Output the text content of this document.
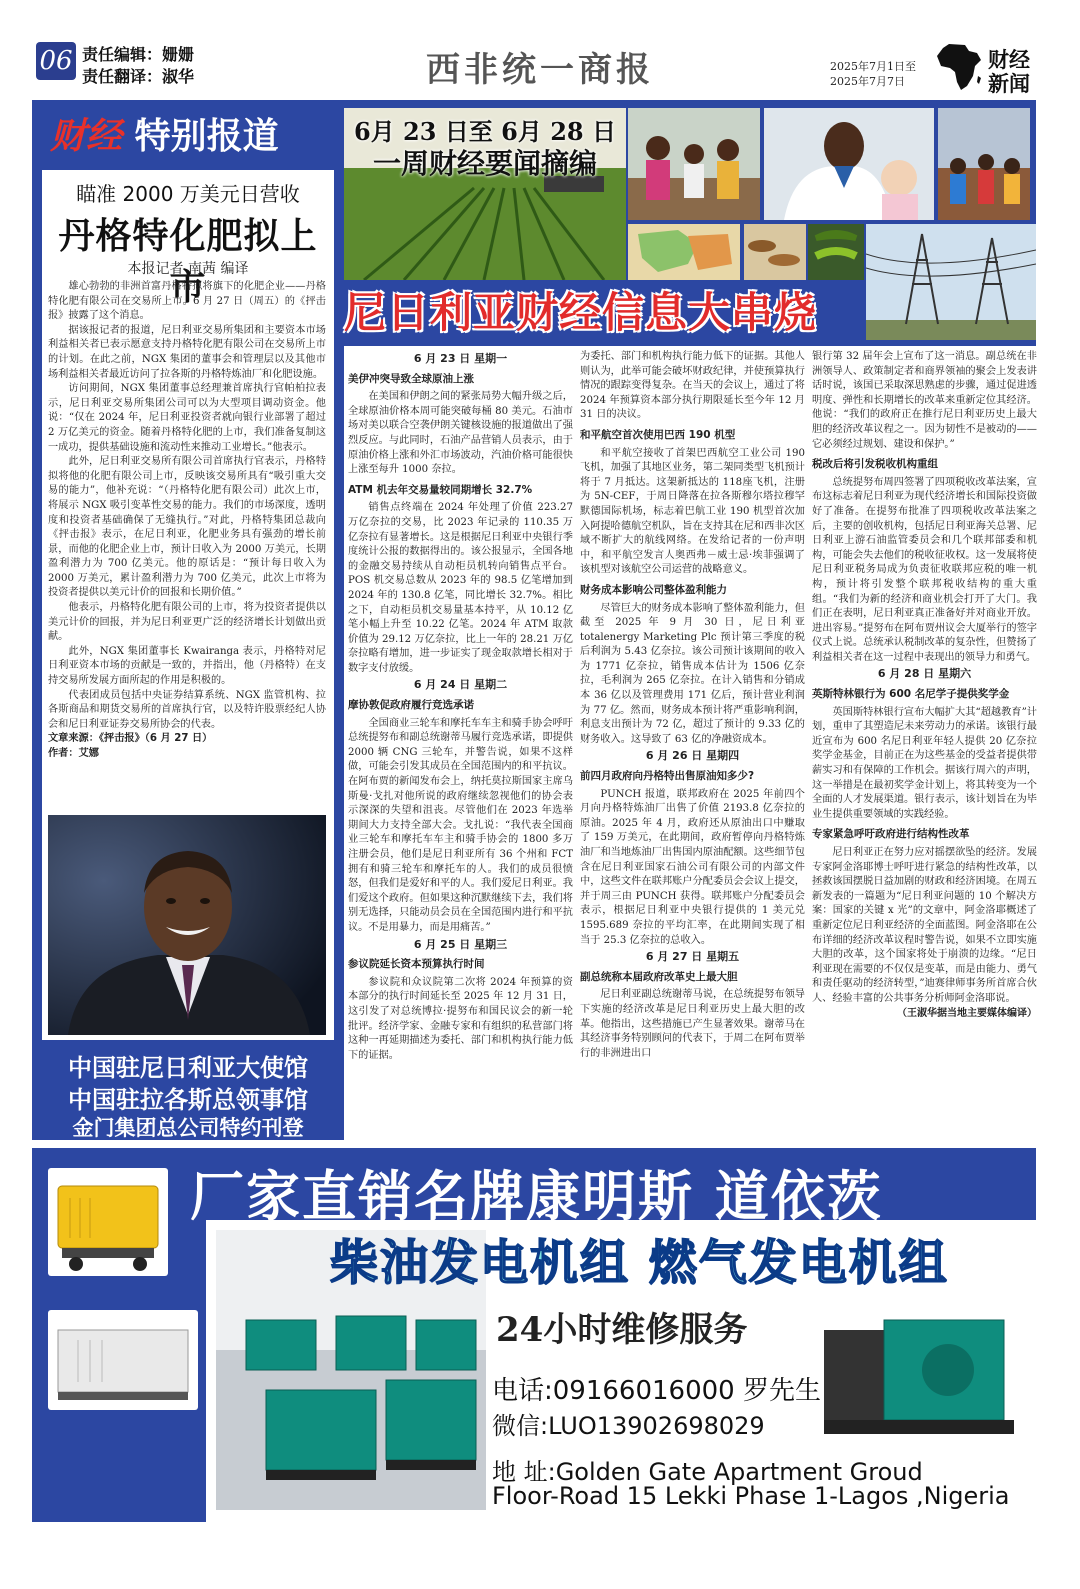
06 责任编辑：姗姗
责任翻译：淑华	西非统一商报	2025年7月1日至
2025年7月7日
财经
新闻
财经 特别报道
瞄准 2000 万美元日营收
丹格特化肥拟上市
本报记者 南茜 编译

雄心勃勃的非洲首富丹格特拟将旗下的化肥企业——丹格特化肥有限公司在交易所上市。6 月 27 日（周五）的《抨击报》披露了这个消息。

据该报记者的报道，尼日利亚交易所集团和主要资本市场利益相关者已表示愿意支持丹格特化肥有限公司在交易所上市的计划。在此之前，NGX 集团的董事会和管理层以及其他市场利益相关者最近访问了拉各斯的丹格特炼油厂和化肥设施。

访问期间，NGX 集团董事总经理兼首席执行官帕柏拉表示，尼日利亚交易所集团公司可以为大型项目调动资金。他说：“仅在 2024 年，尼日利亚投资者就向银行业部署了超过 2 万亿美元的资金。随着丹格特化肥的上市，我们准备复制这一成功，提供基础设施和流动性来推动工业增长。”他表示。

此外，尼日利亚交易所有限公司首席执行官表示，丹格特拟将他的化肥有限公司上市，反映该交易所具有“吸引重大交易的能力”，他补充说：“（丹格特化肥有限公司）此次上市，将展示 NGX 吸引变革性交易的能力。我们的市场深度，透明度和投资者基础确保了无缝执行。”对此，丹格特集团总裁向《抨击报》表示，在尼日利亚，化肥业务具有强劲的增长前景，而他的化肥企业上市，预计日收入为 2000 万美元，长期盈利潜力为 700 亿美元。他的原话是：“预计每日收入为 2000 万美元，累计盈利潜力为 700 亿美元，此次上市将为投资者提供以美元计价的回报和长期价值。”

他表示，丹格特化肥有限公司的上市，将为投资者提供以美元计价的回报，并为尼日利亚更广泛的经济增长计划做出贡献。

此外，NGX 集团董事长 Kwairanga 表示，丹格特对尼日利亚资本市场的贡献是一致的，并指出，他（丹格特）在支持交易所发展方面所起的作用是积极的。

代表团成员包括中央证券结算系统、NGX 监管机构、拉各斯商品和期货交易所的首席执行官，以及特许股票经纪人协会和尼日利亚证券交易所协会的代表。

文章来源：《抨击报》（6 月 27 日）
作者：艾娜
中国驻尼日利亚大使馆
中国驻拉各斯总领事馆
金门集团总公司特约刊登
6月 23 日至 6月 28 日
一周财经要闻摘编
尼日利亚财经信息大串烧
6 月 23 日 星期一
美伊冲突导致全球原油上涨

在美国和伊朗之间的紧张局势大幅升级之后，全球原油价格本周可能突破每桶 80 美元。石油市场对美以联合空袭伊朗关键核设施的报道做出了强烈反应。与此同时，石油产品营销人员表示，由于原油价格上涨和外汇市场波动，汽油价格可能很快上涨至每升 1000 奈拉。

ATM 机去年交易量较同期增长 32.7%

销售点终端在 2024 年处理了价值 223.27 万亿奈拉的交易，比 2023 年记录的 110.35 万亿奈拉有显著增长。这是根据尼日利亚中央银行季度统计公报的数据得出的。该公报显示，全国各地的金融交易持续从自动柜员机转向销售点平台。POS 机交易总数从 2023 年的 98.5 亿笔增加到 2024 年的 130.8 亿笔，同比增长 32.7%。相比之下，自动柜员机交易量基本持平，从 10.12 亿笔小幅上升至 10.22 亿笔。2024 年 ATM 取款价值为 29.12 万亿奈拉，比上一年的 28.21 万亿奈拉略有增加，进一步证实了现金取款增长相对于数字支付放缓。

6 月 24 日 星期二
摩协敦促政府履行竞选承诺

全国商业三轮车和摩托车车主和骑手协会呼吁总统提努布和副总统谢蒂马履行竞选承诺，即提供 2000 辆 CNG 三轮车，并警告说，如果不这样做，可能会引发其成员在全国范围内的和平抗议。在阿布贾的新闻发布会上，纳托莫拉斯国家主席乌斯曼·戈扎对他所说的政府继续忽视他们的协会表示深深的失望和沮丧。尽管他们在 2023 年选举期间大力支持全部大会。戈扎说：“我代表全国商业三轮车和摩托车车主和骑手协会的 1800 多万注册会员，他们是尼日利亚所有 36 个州和 FCT 拥有和骑三轮车和摩托车的人。我们的成员很愤怒，但我们是爱好和平的人。我们爱尼日利亚。我们爱这个政府。但如果这种沉默继续下去，我们将别无选择，只能动员会员在全国范围内进行和平抗议。不是用暴力，而是用痛苦。”

6 月 25 日 星期三
参议院延长资本预算执行时间

参议院和众议院第二次将 2024 年预算的资本部分的执行时间延长至 2025 年 12 月 31 日，这引发了对总统博拉·提努布和国民议会的新一轮批评。经济学家、金融专家和有组织的私营部门将这种一再延期描述为委托、部门和机构执行能力低下的证据。

为委托、部门和机构执行能力低下的证据。其他人则认为，此举可能会破坏财政纪律，并使预算执行情况的跟踪变得复杂。在当天的会议上，通过了将 2024 年预算资本部分执行期限延长至今年 12 月 31 日的决议。

和平航空首次使用巴西 190 机型

和平航空接收了首架巴西航空工业公司 190 飞机，加强了其地区业务，第二架同类型飞机预计将于 7 月抵达。这架新抵达的 118座飞机，注册为 5N-CEF，于周日降落在拉各斯穆尔塔拉穆罕默德国际机场，标志着巴航工业 190 机型首次加入阿提哈德航空机队，旨在支持其在尼和西非次区域不断扩大的航线网络。在发给记者的一份声明中，和平航空发言人奥西弗－威士忌·埃菲强调了该机型对该航空公司运营的战略意义。

财务成本影响公司整体盈利能力

尽管巨大的财务成本影响了整体盈利能力，但截至 2025 年 9 月 30 日，尼日利亚 totalenergy Marketing Plc 预计第三季度的税后利润为 5.43 亿奈拉。该公司预计该期间的收入为 1771 亿奈拉，销售成本估计为 1506 亿奈拉，毛利润为 265 亿奈拉。在计入销售和分销成本 36 亿以及管理费用 171 亿后，预计营业利润为 77 亿。然而，财务成本预计将严重影响利润，利息支出预计为 72 亿，超过了预计的 9.33 亿的财务收入。这导致了 63 亿的净融资成本。

6 月 26 日 星期四
前四月政府向丹格特出售原油知多少?

PUNCH 报道，联邦政府在 2025 年前四个月向丹格特炼油厂出售了价值 2193.8 亿奈拉的原油。2025 年 4 月，政府还从原油出口中赚取了 159 万美元，在此期间，政府暂停向丹格特炼油厂和当地炼油厂出售国内原油配额。这些细节包含在尼日利亚国家石油公司有限公司的内部文件中，这些文件在联邦账户分配委员会会议上提交，并于周三由 PUNCH 获得。联邦账户分配委员会表示，根据尼日利亚中央银行提供的 1 美元兑 1595.689 奈拉的平均汇率，在此期间实现了相当于 25.3 亿奈拉的总收入。

6 月 27 日 星期五
副总统称本届政府改革史上最大胆

尼日利亚副总统谢蒂马说，在总统提努布领导下实施的经济改革是尼日利亚历史上最大胆的改革。他指出，这些措施已产生显著效果。谢蒂马在其经济事务特别顾问的代表下，于周二在阿布贾举行的非洲进出口

银行第 32 届年会上宣布了这一消息。副总统在非洲领导人、政策制定者和商界领袖的聚会上发表讲话时说，该国已采取深思熟虑的步骤，通过促进透明度、弹性和长期增长的改革来重新定位其经济。他说：“我们的政府正在推行尼日利亚历史上最大胆的经济改革议程之一。因为韧性不是被动的——它必须经过规划、建设和保护。”

税改后将引发税收机构重组

总统提努布周四签署了四项税收改革法案，宣布这标志着尼日利亚为现代经济增长和国际投资做好了准备。在提努布批准了四项税收改革法案之后，主要的创收机构，包括尼日利亚海关总署、尼日利亚上游石油监管委员会和几个联邦部委和机构，可能会失去他们的税收征收权。这一发展将使尼日利亚税务局成为负责征收联邦应税的唯一机构，预计将引发整个联邦税收结构的重大重组。“我们为新的经济和商业机会打开了大门。我们正在表明，尼日利亚真正准备好并对商业开放。进出容易。”提努布在阿布贾州议会大厦举行的签字仪式上说。总统承认税制改革的复杂性，但赞扬了利益相关者在这一过程中表现出的领导力和勇气。

6 月 28 日 星期六
英斯特林银行为 600 名尼学子提供奖学金

英国斯特林银行宣布大幅扩大其“超越教育”计划，重申了其塑造尼未来劳动力的承诺。该银行最近宣布为 600 名尼日利亚年轻人提供 20 亿奈拉奖学金基金，目前正在为这些基金的受益者提供带薪实习和有保障的工作机会。据该行周六的声明，这一举措是在最初奖学金计划上，将其转变为一个全面的人才发展渠道。银行表示，该计划旨在为毕业生提供重要领域的实践经验。

专家紧急呼吁政府进行结构性改革

尼日利亚正在努力应对摇摆欲坠的经济。发展专家阿金洛耶博士呼吁进行紧急的结构性改革，以拯救该国摆脱日益加剧的财政和经济困境。在周五新发表的一篇题为“尼日利亚问题的 10 个解决方案：国家的关键 x 光”的文章中，阿金洛耶概述了重新定位尼日利亚经济的全面蓝图。阿金洛耶在公布详细的经济改革议程时警告说，如果不立即实施大胆的改革，这个国家将处于崩溃的边缘。“尼日利亚现在需要的不仅仅是变革，而是由能力、勇气和责任驱动的经济转型，”迪赛律师事务所首席合伙人、经验丰富的公共事务分析师阿金洛耶说。

（王淑华据当地主要媒体编译）
厂家直销名牌康明斯 道依茨
柴油发电机组 燃气发电机组
24小时维修服务
电话:09166016000 罗先生
微信:LUO13902698029
地 址:Golden Gate Apartment Groud
Floor-Road 15 Lekki Phase 1-Lagos ,Nigeria
